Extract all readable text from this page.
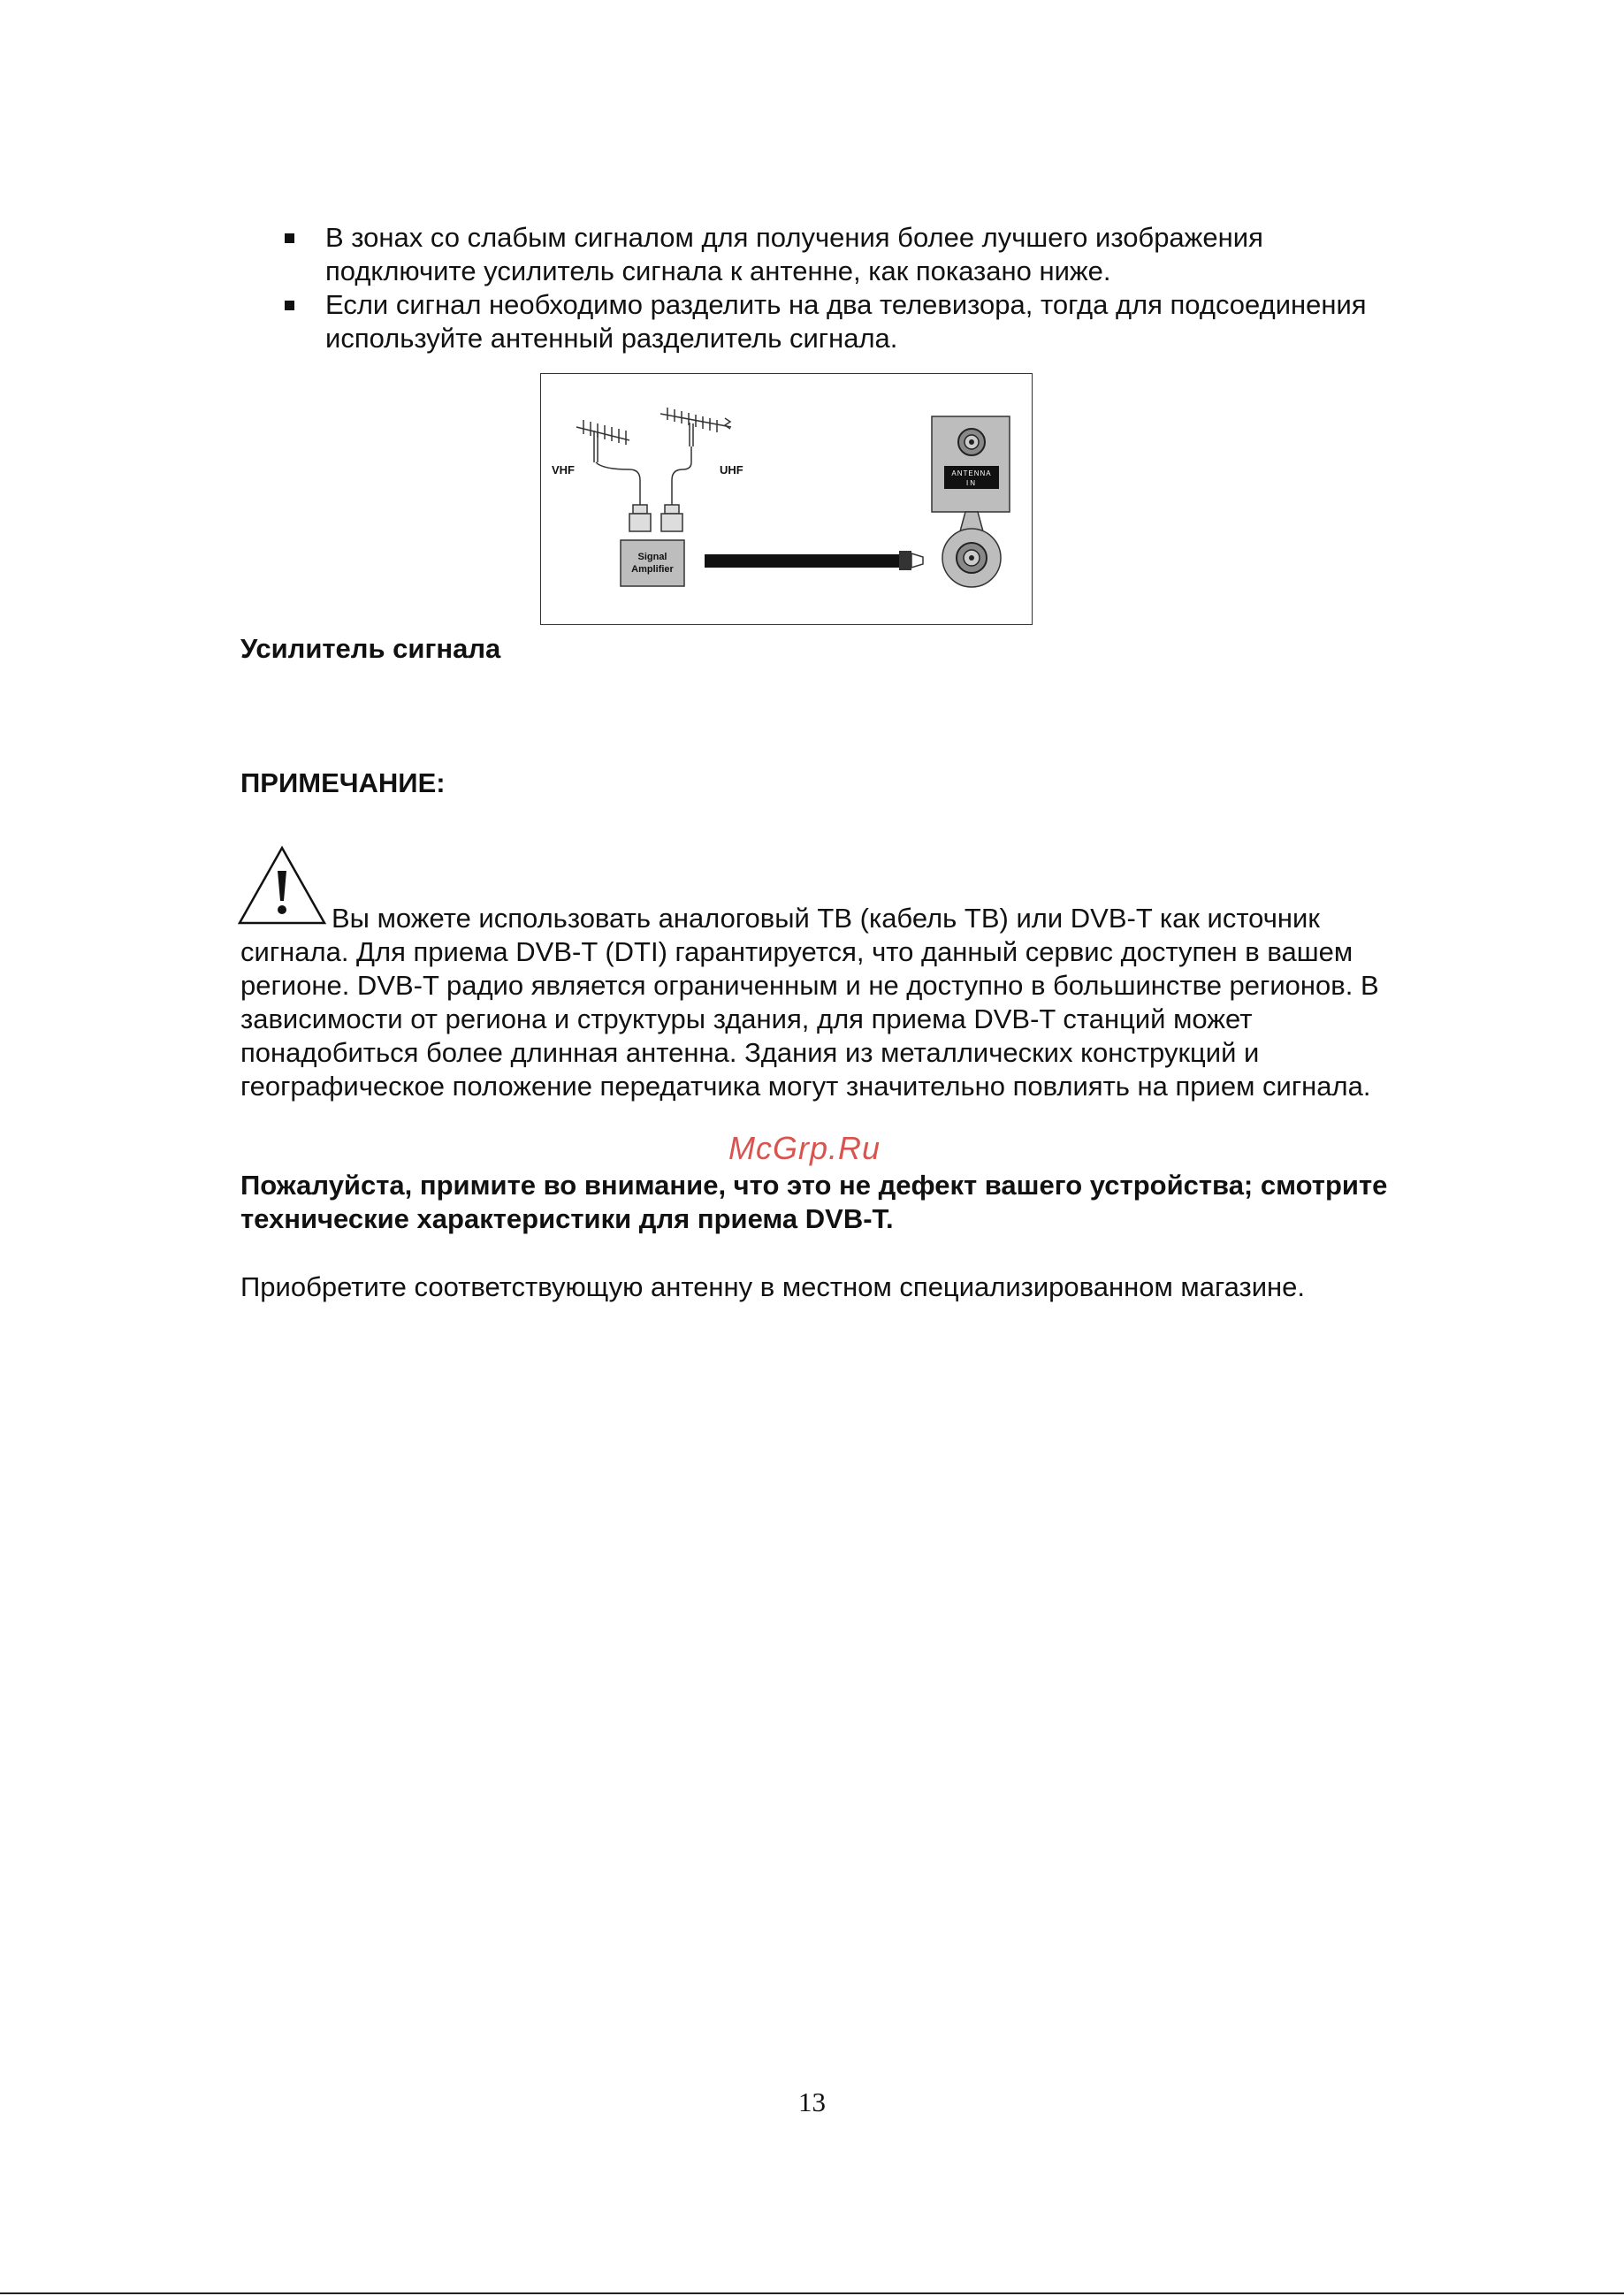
В зонах со слабым сигналом для получения более лучшего изображения подключите усилитель сигнала к антенне, как показано ниже.
Если сигнал необходимо разделить на два телевизора, тогда для подсоединения используйте антенный разделитель сигнала.
Signal
Amplifier
VHF	UHF	ANTENNA
IN
Усилитель сигнала
ПРИМЕЧАНИЕ:

Вы можете использовать аналоговый ТВ (кабель ТВ) или DVB-T как источник сигнала. Для приема DVB-T (DTI) гарантируется, что данный сервис доступен в вашем регионе. DVB-T радио является ограниченным и не доступно в большинстве регионов. В зависимости от региона и структуры здания, для приема DVB-T станций может понадобиться более длинная антенна. Здания из металлических конструкций и географическое положение передатчика могут значительно повлиять на прием сигнала.

McGrp.Ru

Пожалуйста, примите во внимание, что это не дефект вашего устройства; смотрите технические характеристики для приема DVB-T.

Приобретите соответствующую антенну в местном специализированном магазине.

13
